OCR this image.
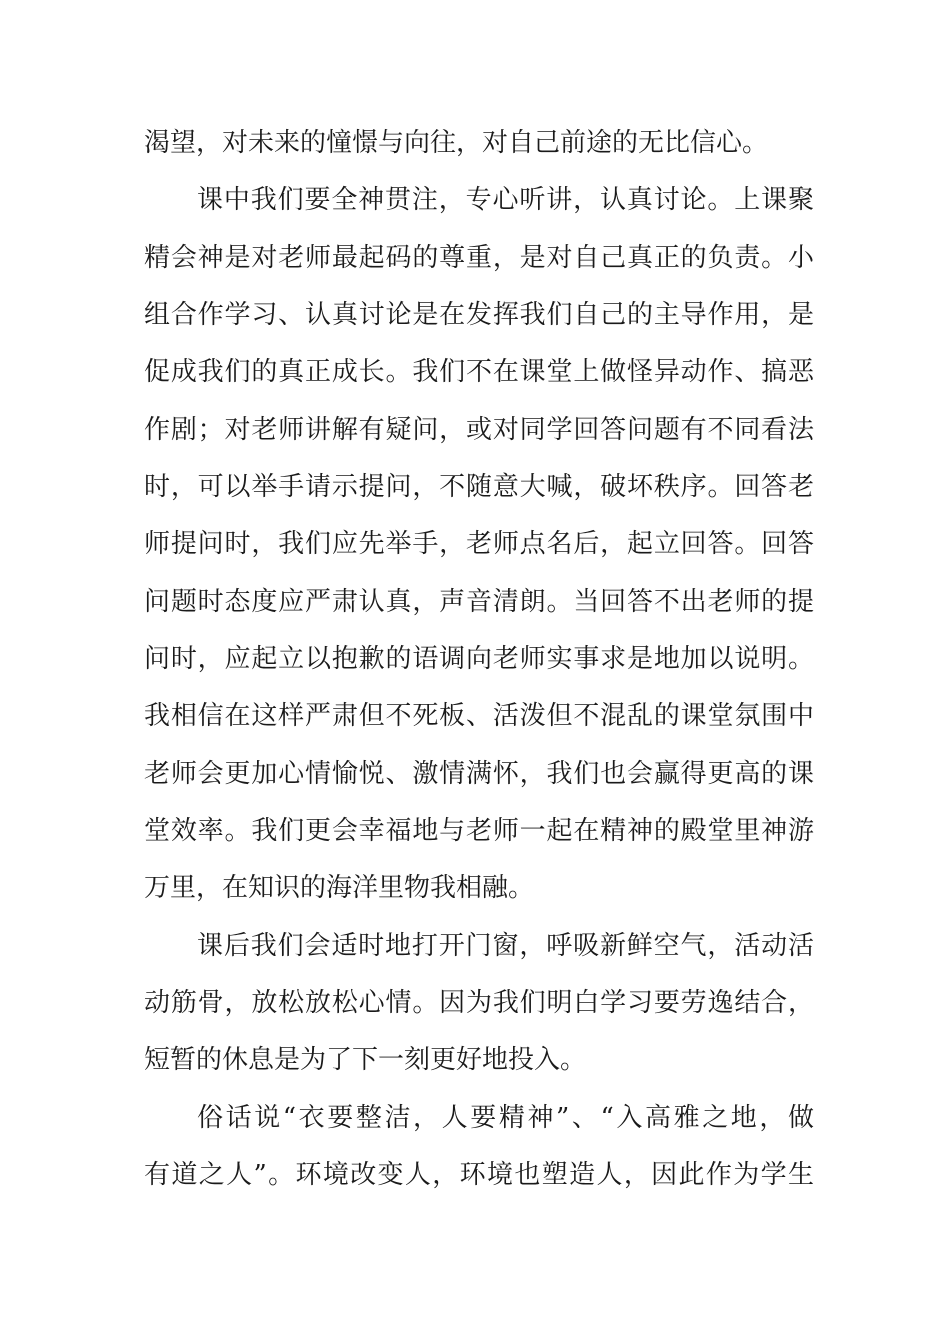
渴望，对未来的憧憬与向往，对自己前途的无比信心。
课中我们要全神贯注，专心听讲，认真讨论。上课聚
精会神是对老师最起码的尊重，是对自己真正的负责。小
组合作学习、认真讨论是在发挥我们自己的主导作用，是
促成我们的真正成长。我们不在课堂上做怪异动作、搞恶
作剧；对老师讲解有疑问，或对同学回答问题有不同看法
时，可以举手请示提问，不随意大喊，破坏秩序。回答老
师提问时，我们应先举手，老师点名后，起立回答。回答
问题时态度应严肃认真，声音清朗。当回答不出老师的提
问时，应起立以抱歉的语调向老师实事求是地加以说明。
我相信在这样严肃但不死板、活泼但不混乱的课堂氛围中
老师会更加心情愉悦、激情满怀，我们也会赢得更高的课
堂效率。我们更会幸福地与老师一起在精神的殿堂里神游
万里，在知识的海洋里物我相融。
课后我们会适时地打开门窗，呼吸新鲜空气，活动活
动筋骨，放松放松心情。因为我们明白学习要劳逸结合，
短暂的休息是为了下一刻更好地投入。
俗话说“衣要整洁，人要精神”、“入高雅之地，做
有道之人”。环境改变人，环境也塑造人，因此作为学生
